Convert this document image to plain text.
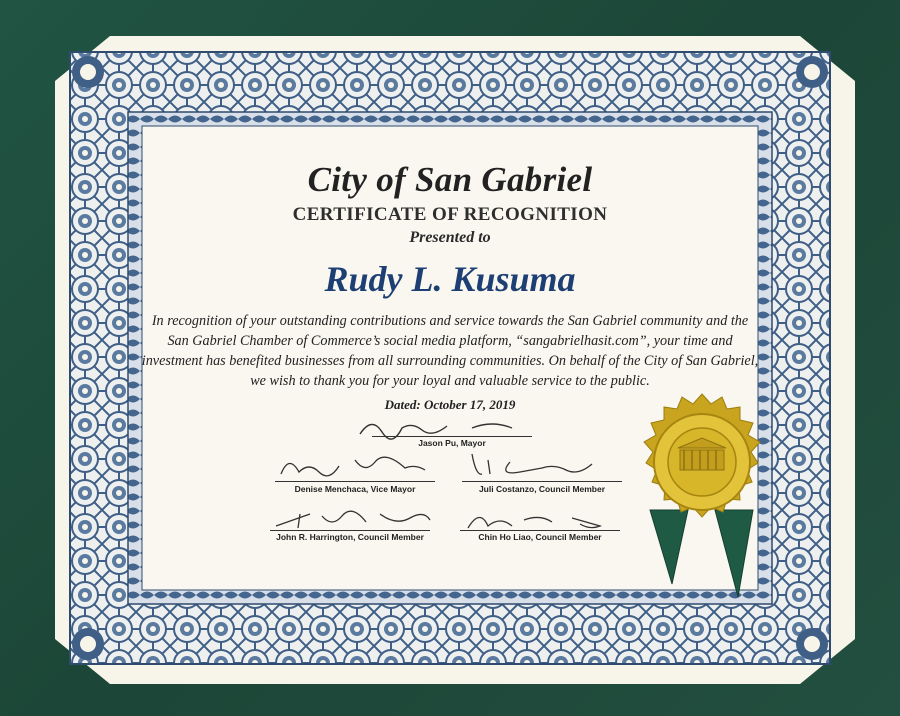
City of San Gabriel
CERTIFICATE OF RECOGNITION
Presented to
Rudy L. Kusuma
In recognition of your outstanding contributions and service towards the San Gabriel community and the San Gabriel Chamber of Commerce’s social media platform, “sangabrielhasit.com”, your time and investment has benefited businesses from all surrounding communities. On behalf of the City of San Gabriel, we wish to thank you for your loyal and valuable service to the public.
Dated: October 17, 2019
Jason Pu, Mayor
Denise Menchaca, Vice Mayor	Juli Costanzo, Council Member
John R. Harrington, Council Member	Chin Ho Liao, Council Member
